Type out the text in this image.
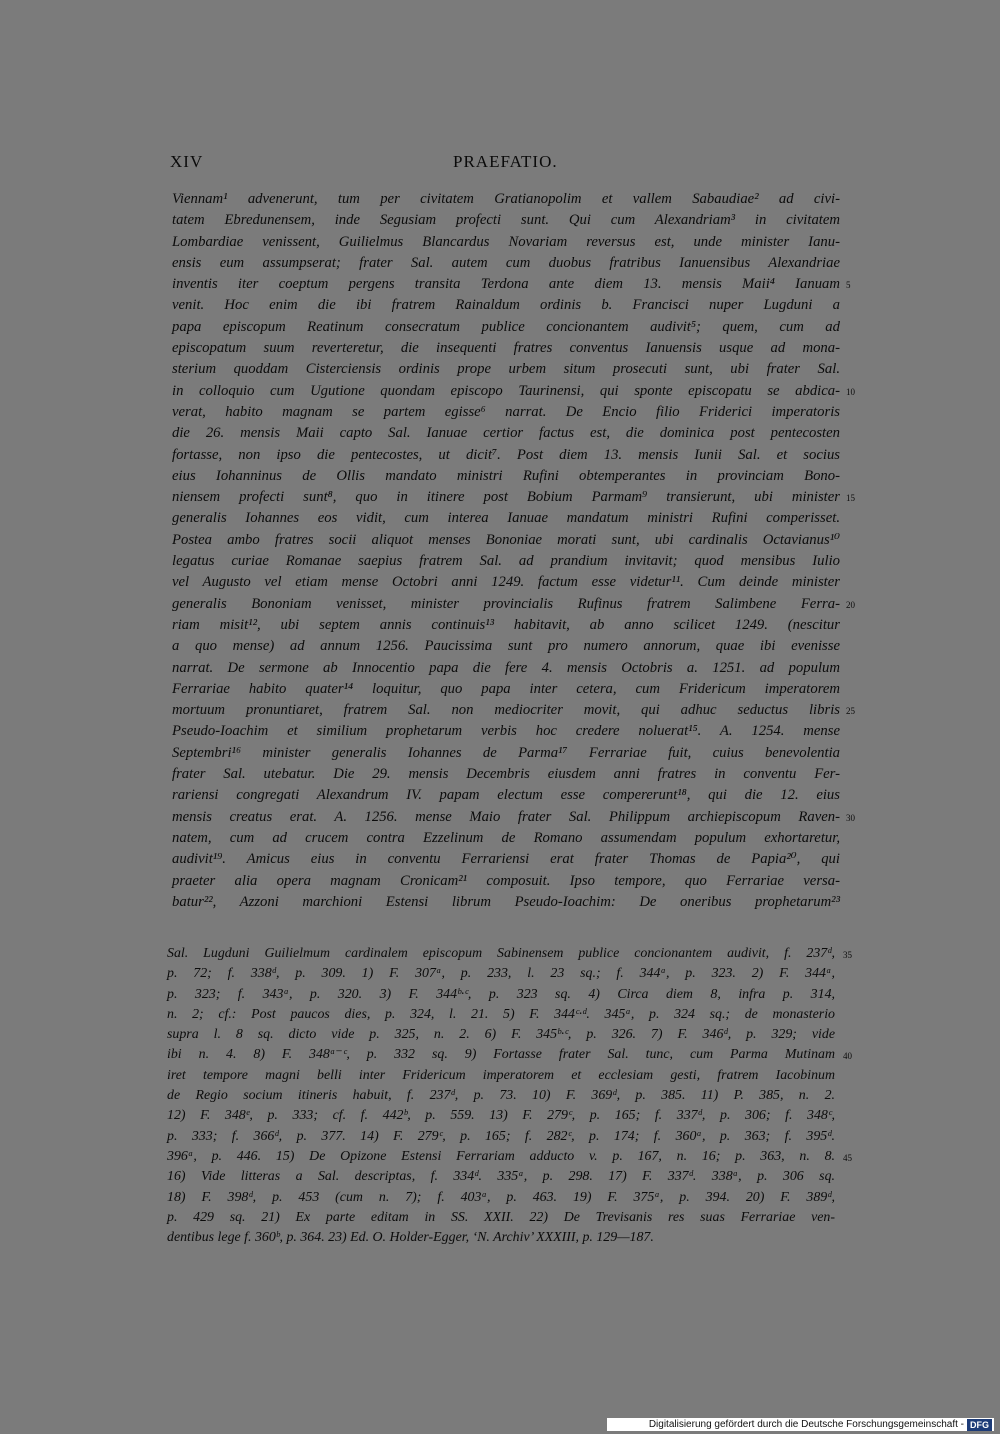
XIV	PRAEFATIO.
Viennam¹ advenerunt, tum per civitatem Gratianopolim et vallem Sabaudiae² ad civi-
tatem Ebredunensem, inde Segusiam profecti sunt. Qui cum Alexandriam³ in civitatem
Lombardiae venissent, Guilielmus Blancardus Novariam reversus est, unde minister Ianu-
ensis eum assumpserat; frater Sal. autem cum duobus fratribus Ianuensibus Alexandriae
inventis iter coeptum pergens transita Terdona ante diem 13. mensis Maii⁴ Ianuam 5
venit. Hoc enim die ibi fratrem Rainaldum ordinis b. Francisci nuper Lugduni a
papa episcopum Reatinum consecratum publice concionantem audivit⁵; quem, cum ad
episcopatum suum reverteretur, die insequenti fratres conventus Ianuensis usque ad mona-
sterium quoddam Cisterciensis ordinis prope urbem situm prosecuti sunt, ubi frater Sal.
in colloquio cum Ugutione quondam episcopo Taurinensi, qui sponte episcopatu se abdica- 10
verat, habito magnam se partem egisse⁶ narrat. De Encio filio Friderici imperatoris
die 26. mensis Maii capto Sal. Ianuae certior factus est, die dominica post pentecosten
fortasse, non ipso die pentecostes, ut dicit⁷. Post diem 13. mensis Iunii Sal. et socius
eius Iohanninus de Ollis mandato ministri Rufini obtemperantes in provinciam Bono-
niensem profecti sunt⁸, quo in itinere post Bobium Parmam⁹ transierunt, ubi minister 15
generalis Iohannes eos vidit, cum interea Ianuae mandatum ministri Rufini comperisset.
Postea ambo fratres socii aliquot menses Bononiae morati sunt, ubi cardinalis Octavianus¹⁰
legatus curiae Romanae saepius fratrem Sal. ad prandium invitavit; quod mensibus Iulio
vel Augusto vel etiam mense Octobri anni 1249. factum esse videtur¹¹. Cum deinde minister
generalis Bononiam venisset, minister provincialis Rufinus fratrem Salimbene Ferra- 20
riam misit¹², ubi septem annis continuis¹³ habitavit, ab anno scilicet 1249. (nescitur
a quo mense) ad annum 1256. Paucissima sunt pro numero annorum, quae ibi evenisse
narrat. De sermone ab Innocentio papa die fere 4. mensis Octobris a. 1251. ad populum
Ferrariae habito quater¹⁴ loquitur, quo papa inter cetera, cum Fridericum imperatorem
mortuum pronuntiaret, fratrem Sal. non mediocriter movit, qui adhuc seductus libris 25
Pseudo-Ioachim et similium prophetarum verbis hoc credere noluerat¹⁵. A. 1254. mense
Septembri¹⁶ minister generalis Iohannes de Parma¹⁷ Ferrariae fuit, cuius benevolentia
frater Sal. utebatur. Die 29. mensis Decembris eiusdem anni fratres in conventu Fer-
rariensi congregati Alexandrum IV. papam electum esse compererunt¹⁸, qui die 12. eius
mensis creatus erat. A. 1256. mense Maio frater Sal. Philippum archiepiscopum Raven- 30
natem, cum ad crucem contra Ezzelinum de Romano assumendam populum exhortaretur,
audivit¹⁹. Amicus eius in conventu Ferrariensi erat frater Thomas de Papia²⁰, qui
praeter alia opera magnam Cronicam²¹ composuit. Ipso tempore, quo Ferrariae versa-
batur²², Azzoni marchioni Estensi librum Pseudo-Ioachim: De oneribus prophetarum²³
Sal. Lugduni Guilielmum cardinalem episcopum Sabinensem publice concionantem audivit, f. 237ᵈ, 35
p. 72; f. 338ᵈ, p. 309. 1) F. 307ᵃ, p. 233, l. 23 sq.; f. 344ᵃ, p. 323. 2) F. 344ᵃ,
p. 323; f. 343ᵃ, p. 320. 3) F. 344ᵇ·ᶜ, p. 323 sq. 4) Circa diem 8, infra p. 314,
n. 2; cf.: Post paucos dies, p. 324, l. 21. 5) F. 344ᶜ·ᵈ. 345ᵃ, p. 324 sq.; de monasterio
supra l. 8 sq. dicto vide p. 325, n. 2. 6) F. 345ᵇ·ᶜ, p. 326. 7) F. 346ᵈ, p. 329; vide
ibi n. 4. 8) F. 348ᵃ⁻ᶜ, p. 332 sq. 9) Fortasse frater Sal. tunc, cum Parma Mutinam 40
iret tempore magni belli inter Fridericum imperatorem et ecclesiam gesti, fratrem Iacobinum
de Regio socium itineris habuit, f. 237ᵈ, p. 73. 10) F. 369ᵈ, p. 385. 11) P. 385, n. 2.
12) F. 348ᵉ, p. 333; cf. f. 442ᵇ, p. 559. 13) F. 279ᶜ, p. 165; f. 337ᵈ, p. 306; f. 348ᶜ,
p. 333; f. 366ᵈ, p. 377. 14) F. 279ᶜ, p. 165; f. 282ᶜ, p. 174; f. 360ᵃ, p. 363; f. 395ᵈ.
396ᵃ, p. 446. 15) De Opizone Estensi Ferrariam adducto v. p. 167, n. 16; p. 363, n. 8. 45
16) Vide litteras a Sal. descriptas, f. 334ᵈ. 335ᵃ, p. 298. 17) F. 337ᵈ. 338ᵃ, p. 306 sq.
18) F. 398ᵈ, p. 453 (cum n. 7); f. 403ᵃ, p. 463. 19) F. 375ᵃ, p. 394. 20) F. 389ᵈ,
p. 429 sq. 21) Ex parte editam in SS. XXII. 22) De Trevisanis res suas Ferrariae ven-
dentibus lege f. 360ᵇ, p. 364. 23) Ed. O. Holder-Egger, ‘N. Archiv’ XXXIII, p. 129—187.
Digitalisierung gefördert durch die Deutsche Forschungsgemeinschaft - DFG
